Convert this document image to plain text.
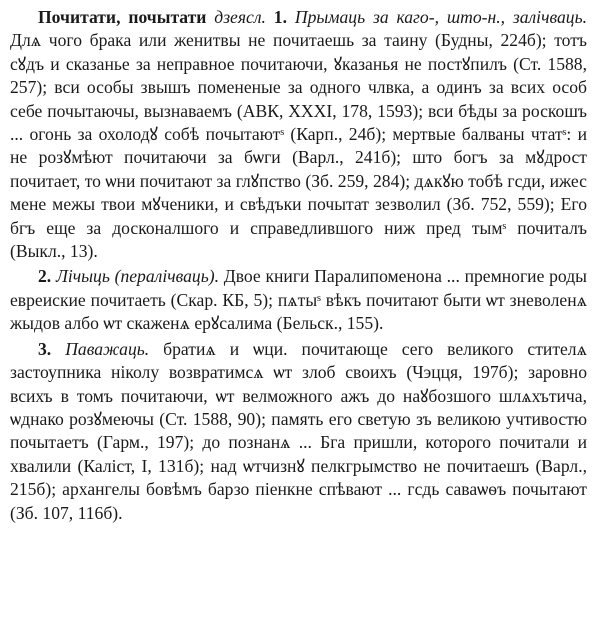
Почитати, почытати дзеясл. 1. Прымаць за каго-, што-н., залічваць. Длѧ чого брака или женитвы не почитаешь за таину (Будны, 224б); тотъ сꙋдъ и сказанье за неправное почитаючи, ꙋказанья не постꙋпилъ (Ст. 1588, 257); вси особы звышъ помененые за одного члвка, а одинъ за всих особ себе почытаючы, вызнаваемъ (АВК, XXXI, 178, 1593); вси бѣды за роскошъ ... огонь за охолодꙋ собѣ почытаютˢ (Карп., 24б); мертвые балваны чтатˢ: и не розꙋмѣют почитаючи за бѡги (Варл., 241б); што богъ за мꙋдрост почитает, то ѡни почитают за глꙋпство (Зб. 259, 284); дѧкꙋю тобѣ гсди, ижес мене межы твои мꙋченики, и свѣдъки почытат зезволил (Зб. 752, 559); Его бгъ еще за досконалшого и справедлившого ниж пред тымˢ почиталъ (Выкл., 13).

2. Лічыць (пералічваць). Двое книги Паралипоменона ... премногие роды евреиские почитаеть (Скар. КБ, 5); пѧтыˢ вѣкъ почитают быти ѡт зневоленѧ жыдов албо ѡт скаженѧ ерꙋсалима (Бельск., 155).

3. Паважаць. братиѧ и ѡци. почитающе сего великого стителѧ застоупника ніколу возвратимсѧ ѡт злоб своихъ (Чэцця, 197б); заровно всихъ в томъ почитаючи, ѡт велможного ажъ до наꙋбозшого шлѧхътича, ѡднако розꙋмеючы (Ст. 1588, 90); память его светую зъ великою учтивостю почытаетъ (Гарм., 197); до познанѧ ... Бга пришли, которого почитали и хвалили (Каліст, I, 131б); над ѡтчизнꙋ пелкгрымство не почитаешъ (Варл., 215б); архангелы бовѣмъ барзо піенкне спѣвают ... гсдь саваѡѳъ почытают (Зб. 107, 116б).
